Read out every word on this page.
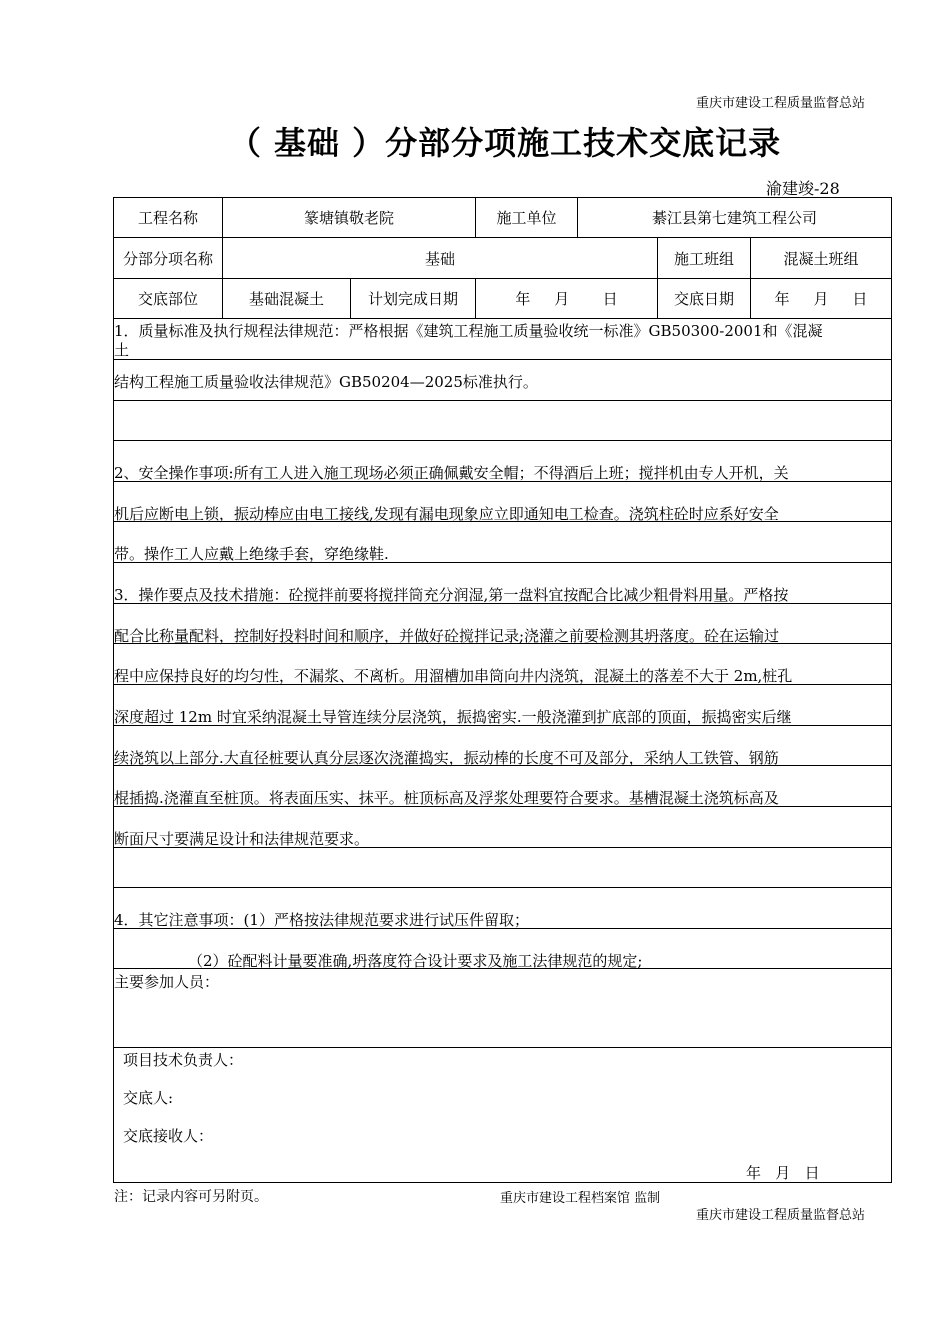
重庆市建设工程质量监督总站
（ 基础 ）分部分项施工技术交底记录
渝建竣-28
工程名称	篆塘镇敬老院	施工单位	綦江县第七建筑工程公司
分部分项名称	基础	施工班组	混凝土班组
交底部位	基础混凝土	计划完成日期	年     月       日	交底日期	年     月     日
1．质量标准及执行规程法律规范：严格根据《建筑工程施工质量验收统一标准》GB50300-2001和《混凝
土
结构工程施工质量验收法律规范》GB50204—2025标准执行。
2、安全操作事项:所有工人进入施工现场必须正确佩戴安全帽；不得酒后上班；搅拌机由专人开机，关
机后应断电上锁，振动棒应由电工接线,发现有漏电现象应立即通知电工检查。浇筑柱砼时应系好安全
带。操作工人应戴上绝缘手套，穿绝缘鞋.
3．操作要点及技术措施：砼搅拌前要将搅拌筒充分润湿,第一盘料宜按配合比减少粗骨料用量。严格按
配合比称量配料，控制好投料时间和顺序，并做好砼搅拌记录;浇灌之前要检测其坍落度。砼在运输过
程中应保持良好的均匀性，不漏浆、不离析。用溜槽加串筒向井内浇筑，混凝土的落差不大于 2m,桩孔
深度超过 12m 时宜采纳混凝土导管连续分层浇筑，振捣密实.一般浇灌到扩底部的顶面，振捣密实后继
续浇筑以上部分.大直径桩要认真分层逐次浇灌捣实，振动棒的长度不可及部分，采纳人工铁管、钢筋
棍插捣.浇灌直至桩顶。将表面压实、抹平。桩顶标高及浮浆处理要符合要求。基槽混凝土浇筑标高及
断面尺寸要满足设计和法律规范要求。
4．其它注意事项：(1）严格按法律规范要求进行试压件留取；
（2）砼配料计量要准确,坍落度符合设计要求及施工法律规范的规定;
主要参加人员：
项目技术负责人：
交底人:
交底接收人：
年   月   日
注：记录内容可另附页。	重庆市建设工程档案馆 监制
重庆市建设工程质量监督总站
